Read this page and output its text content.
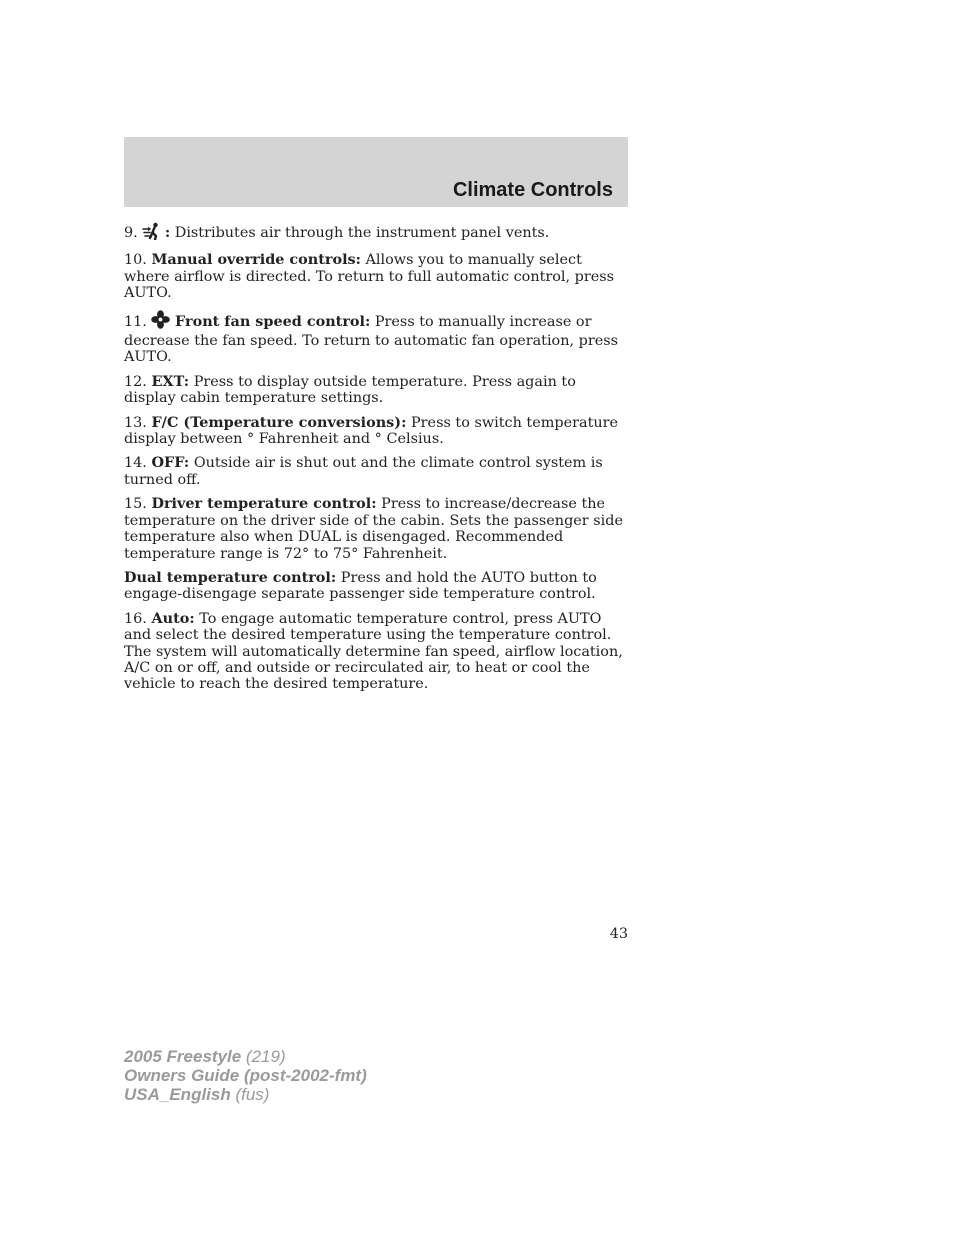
Climate Controls

9. : Distributes air through the instrument panel vents.

10. Manual override controls: Allows you to manually select where airflow is directed. To return to full automatic control, press AUTO.

11. Front fan speed control: Press to manually increase or decrease the fan speed. To return to automatic fan operation, press AUTO.

12. EXT: Press to display outside temperature. Press again to display cabin temperature settings.

13. F/C (Temperature conversions): Press to switch temperature display between ° Fahrenheit and ° Celsius.

14. OFF: Outside air is shut out and the climate control system is turned off.

15. Driver temperature control: Press to increase/decrease the temperature on the driver side of the cabin. Sets the passenger side temperature also when DUAL is disengaged. Recommended temperature range is 72° to 75° Fahrenheit.

Dual temperature control: Press and hold the AUTO button to engage-disengage separate passenger side temperature control.

16. Auto: To engage automatic temperature control, press AUTO and select the desired temperature using the temperature control. The system will automatically determine fan speed, airflow location, A/C on or off, and outside or recirculated air, to heat or cool the vehicle to reach the desired temperature.

43
2005 Freestyle (219)
Owners Guide (post-2002-fmt)
USA_English (fus)
